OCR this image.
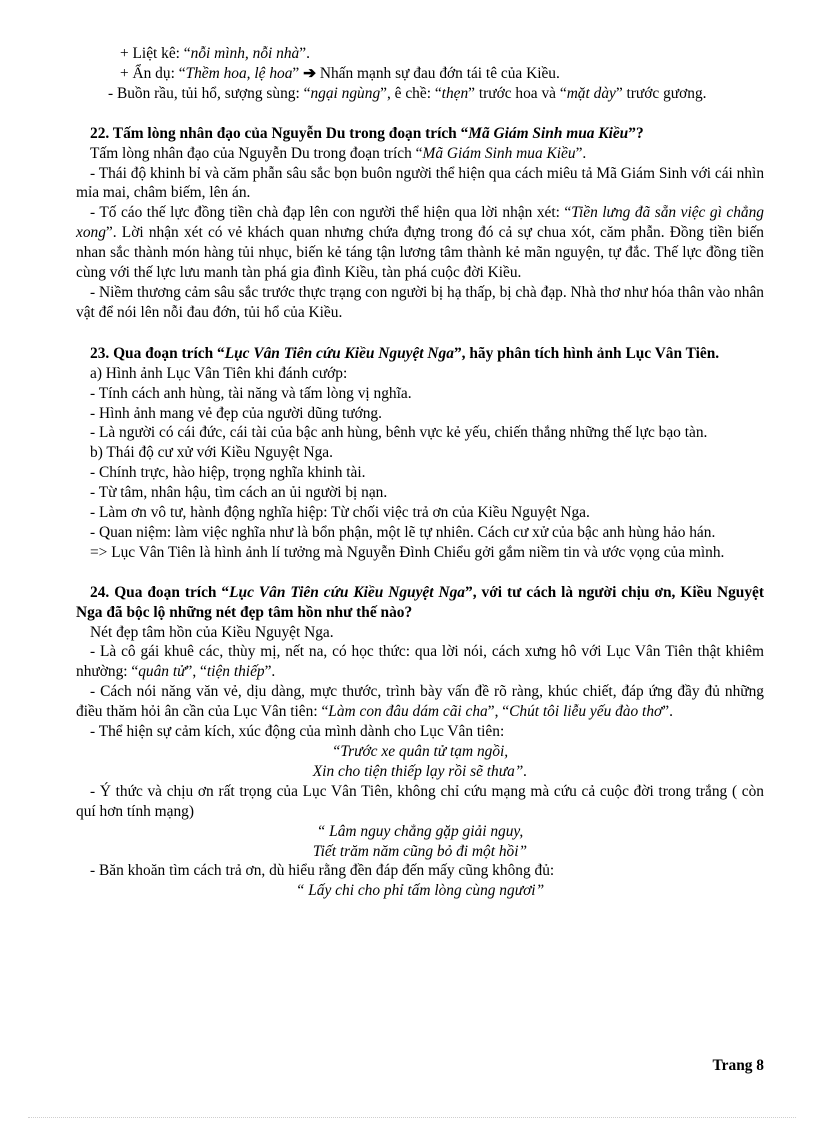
+ Liệt kê: “nỗi mình, nỗi nhà”.

+ Ẩn dụ: “Thềm hoa, lệ hoa” ➔ Nhấn mạnh sự đau đớn tái tê của Kiều.

- Buồn rầu, tủi hổ, sượng sùng: “ngại ngùng”, ê chề: “thẹn” trước hoa và “mặt dày” trước gương.

22. Tấm lòng nhân đạo của Nguyễn Du trong đoạn trích “Mã Giám Sinh mua Kiều”?

Tấm lòng nhân đạo của Nguyễn Du trong đoạn trích “Mã Giám Sinh mua Kiều”.

- Thái độ khinh bỉ và căm phẫn sâu sắc bọn buôn người thể hiện qua cách miêu tả Mã Giám Sinh với cái nhìn mỉa mai, châm biếm, lên án.

- Tố cáo thế lực đồng tiền chà đạp lên con người thể hiện qua lời nhận xét: “Tiền lưng đã sẵn việc gì chẳng xong”. Lời nhận xét có vẻ khách quan nhưng chứa đựng trong đó cả sự chua xót, căm phẫn. Đồng tiền biến nhan sắc thành món hàng tủi nhục, biến kẻ táng tận lương tâm thành kẻ mãn nguyện, tự đắc. Thế lực đồng tiền cùng với thế lực lưu manh tàn phá gia đình Kiều, tàn phá cuộc đời Kiều.

- Niềm thương cảm sâu sắc trước thực trạng con người bị hạ thấp, bị chà đạp. Nhà thơ như hóa thân vào nhân vật để nói lên nỗi đau đớn, tủi hổ của Kiều.

23. Qua đoạn trích “Lục Vân Tiên cứu Kiều Nguyệt Nga”, hãy phân tích hình ảnh Lục Vân Tiên.

a) Hình ảnh Lục Vân Tiên khi đánh cướp:

- Tính cách anh hùng, tài năng và tấm lòng vị nghĩa.

- Hình ảnh mang vẻ đẹp của người dũng tướng.

- Là người có cái đức, cái tài của bậc anh hùng, bênh vực kẻ yếu, chiến thắng những thế lực bạo tàn.

b) Thái độ cư xử với Kiều Nguyệt Nga.

- Chính trực, hào hiệp, trọng nghĩa khinh tài.

- Từ tâm, nhân hậu, tìm cách an ủi người bị nạn.

- Làm ơn vô tư, hành động nghĩa hiệp: Từ chối việc trả ơn của Kiều Nguyệt Nga.

- Quan niệm: làm việc nghĩa như là bổn phận, một lẽ tự nhiên. Cách cư xử của bậc anh hùng hảo hán.

=> Lục Vân Tiên là hình ảnh lí tưởng mà Nguyễn Đình Chiểu gởi gắm niềm tin và ước vọng của mình.

24. Qua đoạn trích “Lục Vân Tiên cứu Kiều Nguyệt Nga”, với tư cách là người chịu ơn, Kiều Nguyệt Nga đã bộc lộ những nét đẹp tâm hồn như thế nào?

Nét đẹp tâm hồn của Kiều Nguyệt Nga.

- Là cô gái khuê các, thùy mị, nết na, có học thức: qua lời nói, cách xưng hô với Lục Vân Tiên thật khiêm nhường: “quân tử”, “tiện thiếp”.

- Cách nói năng văn vẻ, dịu dàng, mực thước, trình bày vấn đề rõ ràng, khúc chiết, đáp ứng đầy đủ những điều thăm hỏi ân cần của Lục Vân tiên: “Làm con đâu dám cãi cha”, “Chút tôi liễu yếu đào thơ”.

- Thể hiện sự cảm kích, xúc động của mình dành cho Lục Vân tiên:

“Trước xe quân tử tạm ngồi,

Xin cho tiện thiếp lạy rồi sẽ thưa”.

- Ý thức và chịu ơn rất trọng của Lục Vân Tiên, không chỉ cứu mạng mà cứu cả cuộc đời trong trắng ( còn quí hơn tính mạng)

“ Lâm nguy chẳng gặp giải nguy,

Tiết trăm năm cũng bỏ đi một hồi”

- Băn khoăn tìm cách trả ơn, dù hiểu rằng đền đáp đến mấy cũng không đủ:

“ Lấy chi cho phỉ tấm lòng cùng ngươi”

Trang 8
